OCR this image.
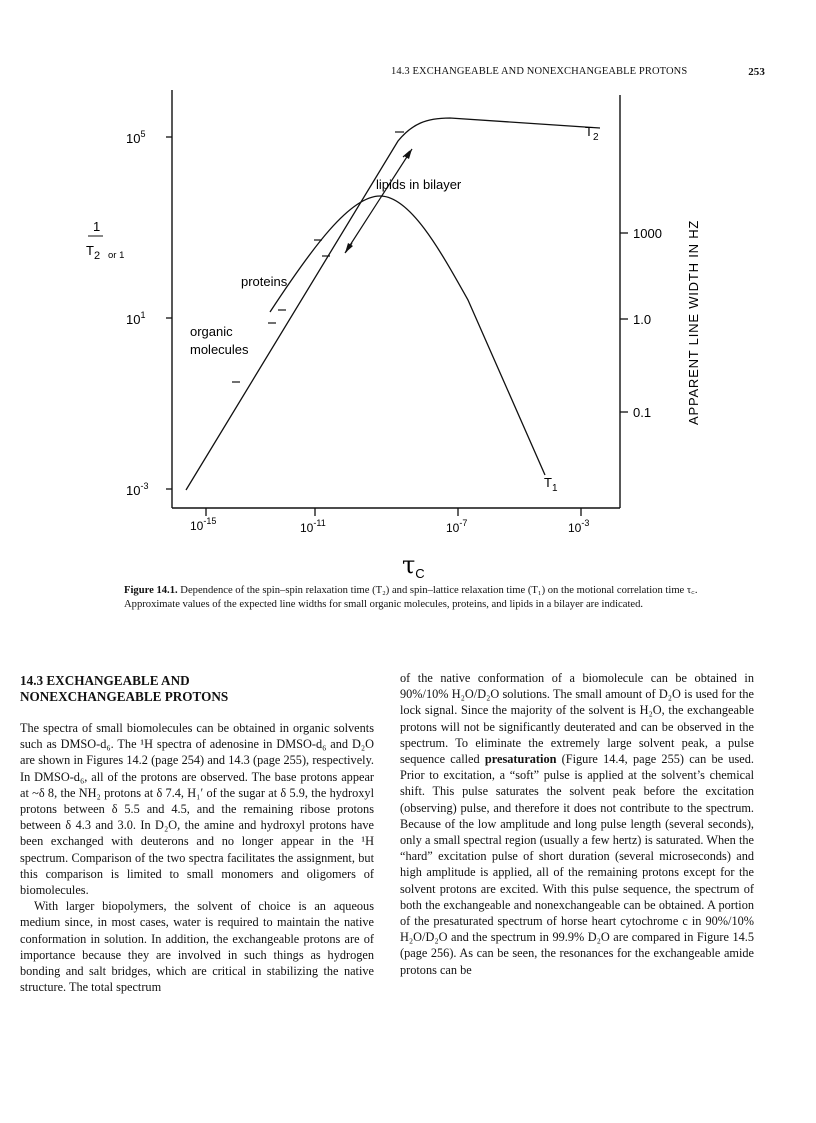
14.3 EXCHANGEABLE AND NONEXCHANGEABLE PROTONS	253
$10^5$
$10^1$
$10^{-3}$
1
$T_2$ or 1
1000
1.0
0.1	APPARENT LINE WIDTH IN HZ
$10^{-15}$	$10^{-11}$	$10^{-7}$	$10^{-3}$
$\tau_C$
$T_2$
$T_1$
lipids in bilayer
proteins
organic
molecules
Figure 14.1. Dependence of the spin–spin relaxation time (T₂) and spin–lattice relaxation time (T₁) on the motional correlation time τ꜀. Approximate values of the expected line widths for small organic molecules, proteins, and lipids in a bilayer are indicated.
14.3 EXCHANGEABLE AND
NONEXCHANGEABLE PROTONS

The spectra of small biomolecules can be obtained in organic solvents such as DMSO-d₆. The ¹H spectra of adenosine in DMSO-d₆ and D₂O are shown in Figures 14.2 (page 254) and 14.3 (page 255), respectively. In DMSO-d₆, all of the protons are observed. The base protons appear at ~δ 8, the NH₂ protons at δ 7.4, H₁′ of the sugar at δ 5.9, the hydroxyl protons between δ 5.5 and 4.5, and the remaining ribose protons between δ 4.3 and 3.0. In D₂O, the amine and hydroxyl protons have been exchanged with deuterons and no longer appear in the ¹H spectrum. Comparison of the two spectra facilitates the assignment, but this comparison is limited to small monomers and oligomers of biomolecules.

With larger biopolymers, the solvent of choice is an aqueous medium since, in most cases, water is required to maintain the native conformation in solution. In addition, the exchangeable protons are of importance because they are involved in such things as hydrogen bonding and salt bridges, which are critical in stabilizing the native structure. The total spectrum

of the native conformation of a biomolecule can be obtained in 90%/10% H₂O/D₂O solutions. The small amount of D₂O is used for the lock signal. Since the majority of the solvent is H₂O, the exchangeable protons will not be significantly deuterated and can be observed in the spectrum. To eliminate the extremely large solvent peak, a pulse sequence called presaturation (Figure 14.4, page 255) can be used. Prior to excitation, a “soft” pulse is applied at the solvent’s chemical shift. This pulse saturates the solvent peak before the excitation (observing) pulse, and therefore it does not contribute to the spectrum. Because of the low amplitude and long pulse length (several seconds), only a small spectral region (usually a few hertz) is saturated. When the “hard” excitation pulse of short duration (several microseconds) and high amplitude is applied, all of the remaining protons except for the solvent protons are excited. With this pulse sequence, the spectrum of both the exchangeable and nonexchangeable can be obtained. A portion of the presaturated spectrum of horse heart cytochrome c in 90%/10% H₂O/D₂O and the spectrum in 99.9% D₂O are compared in Figure 14.5 (page 256). As can be seen, the resonances for the exchangeable amide protons can be
